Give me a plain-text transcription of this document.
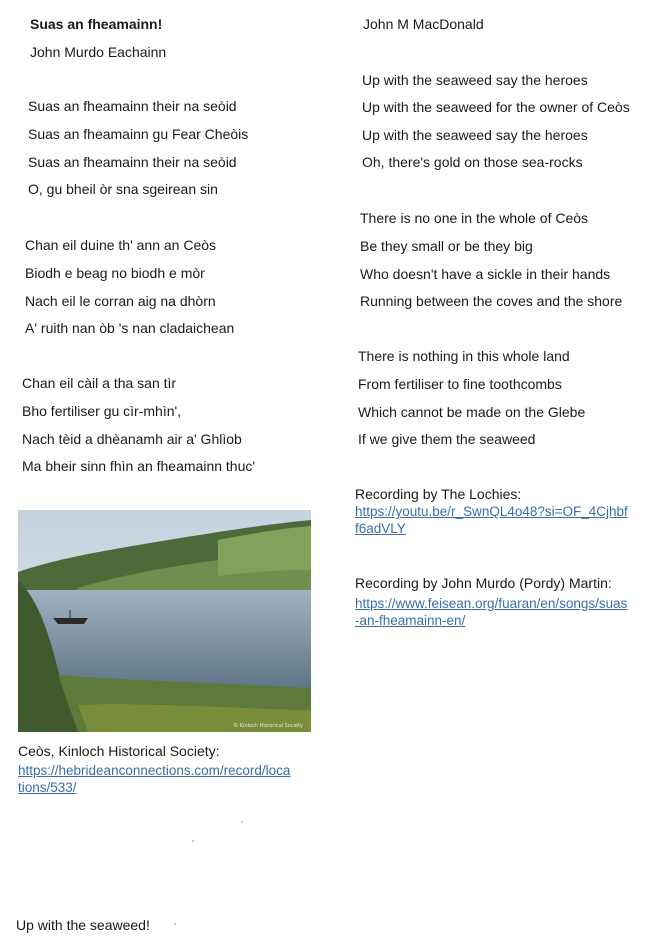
Suas an fheamainn!
John Murdo Eachainn
Suas an fheamainn their na seòid
Suas an fheamainn gu Fear Cheòis
Suas an fheamainn their na seòid
O, gu bheil òr sna sgeirean sin
Chan eil duine th' ann an Ceòs
Biodh e beag no biodh e mòr
Nach eil le corran aig na dhòrn
A' ruith nan òb 's nan cladaichean
Chan eil càil a tha san tìr
Bho fertiliser gu cìr-mhìn',
Nach tèid a dhèanamh air a' Ghlìob
Ma bheir sinn fhìn an fheamainn thuc'
John M MacDonald
Up with the seaweed say the heroes
Up with the seaweed for the owner of Ceòs
Up with the seaweed say the heroes
Oh, there's gold on those sea-rocks
There is no one in the whole of Ceòs
Be they small or be they big
Who doesn't have a sickle in their hands
Running between the coves and the shore
There is nothing in this whole land
From fertiliser to fine toothcombs
Which cannot be made on the Glebe
If we give them the seaweed
Recording by The Lochies:
https://youtu.be/r_SwnQL4o48?si=OF_4Cjhbf
f6adVLY
Recording by John Murdo (Pordy) Martin:
https://www.feisean.org/fuaran/en/songs/suas
-an-fheamainn-en/
© Kinloch Historical Society
Ceòs, Kinloch Historical Society:
https://hebrideanconnections.com/record/loca
tions/533/
Up with the seaweed!
